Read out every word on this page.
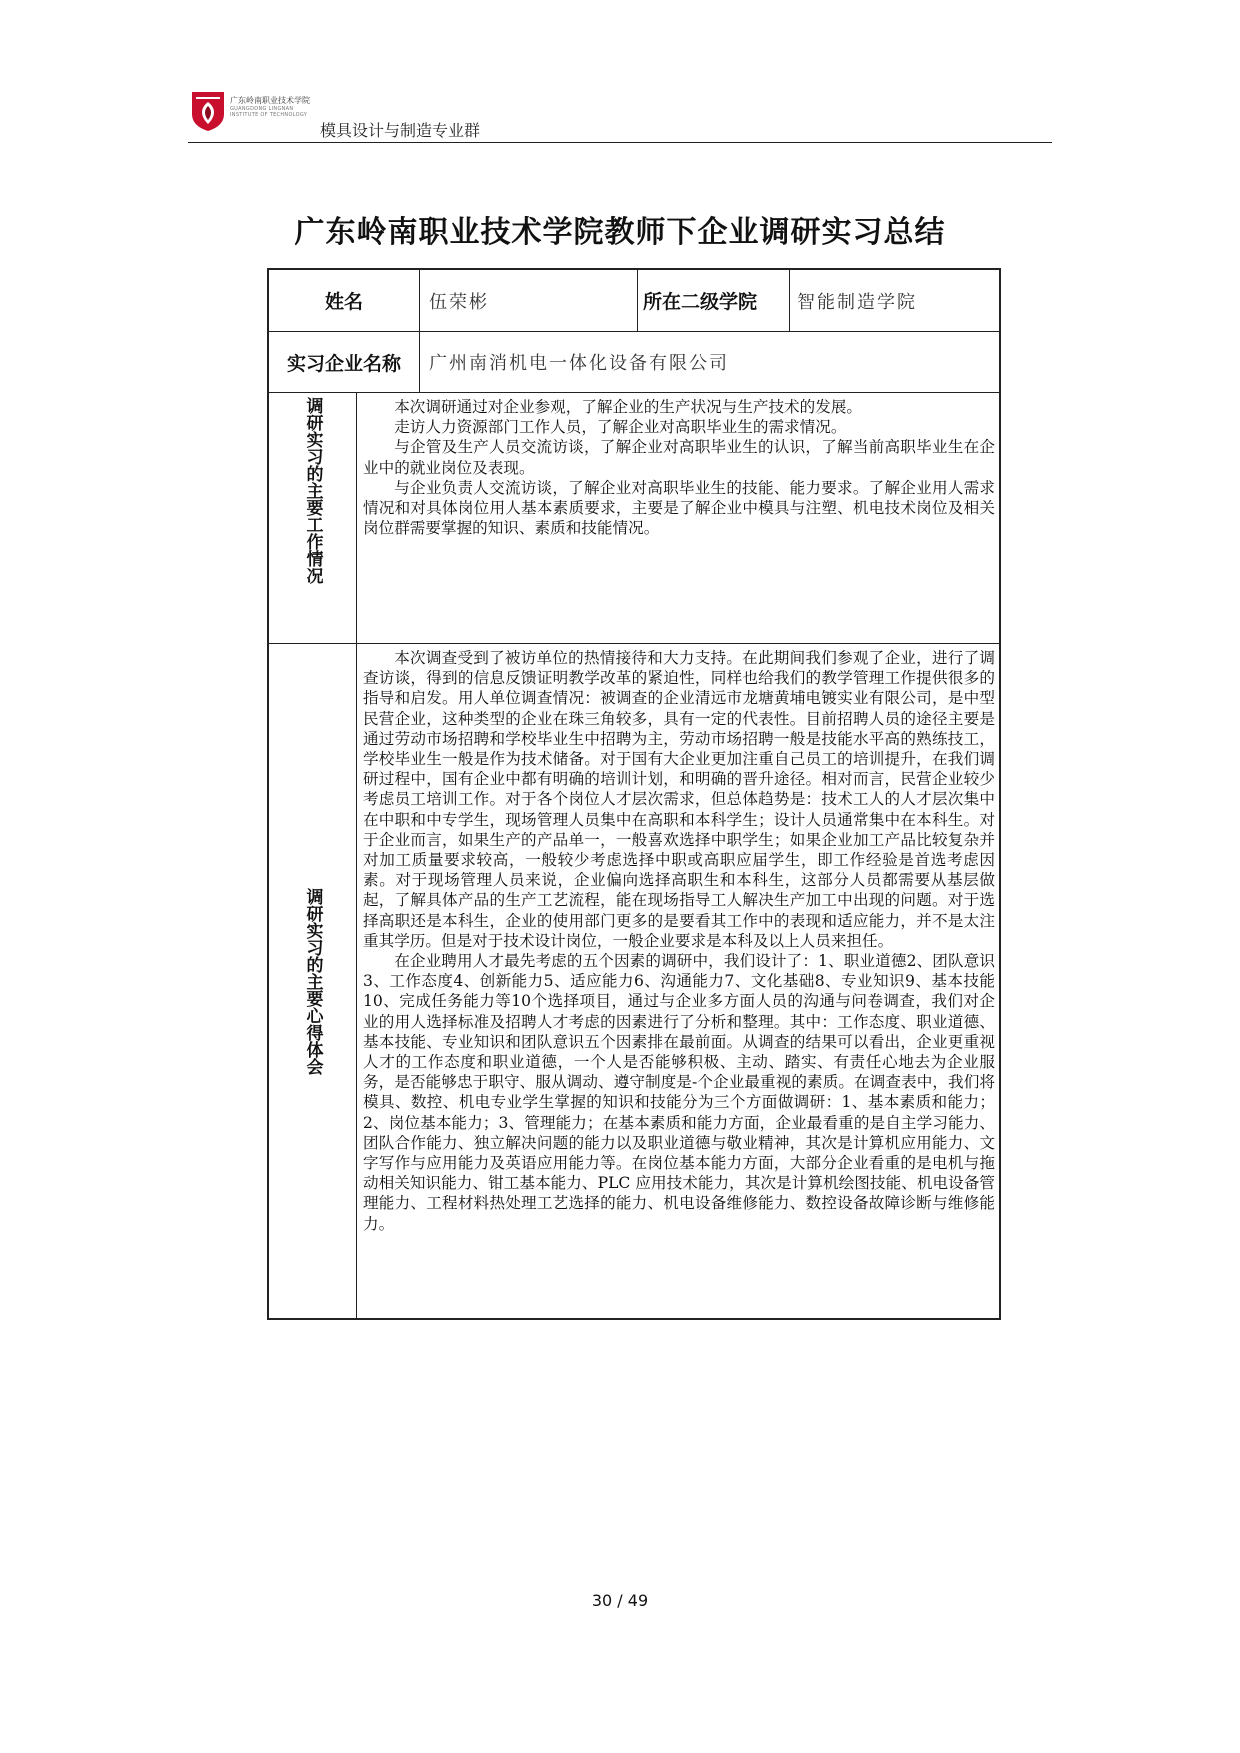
广东岭南职业技术学院
GUANGDONG LINGNAN
INSTITUTE OF TECHNOLOGY
模具设计与制造专业群
广东岭南职业技术学院教师下企业调研实习总结
姓名	伍荣彬	所在二级学院	智能制造学院
实习企业名称	广州南消机电一体化设备有限公司
调研实习的主要工作情况	本次调研通过对企业参观，了解企业的生产状况与生产技术的发展。

走访人力资源部门工作人员，了解企业对高职毕业生的需求情况。

与企管及生产人员交流访谈，了解企业对高职毕业生的认识，了解当前高职毕业生在企业中的就业岗位及表现。

与企业负责人交流访谈，了解企业对高职毕业生的技能、能力要求。了解企业用人需求情况和对具体岗位用人基本素质要求，主要是了解企业中模具与注塑、机电技术岗位及相关岗位群需要掌握的知识、素质和技能情况。

调研实习的主要心得体会

本次调查受到了被访单位的热情接待和大力支持。在此期间我们参观了企业，进行了调查访谈，得到的信息反馈证明教学改革的紧迫性，同样也给我们的教学管理工作提供很多的指导和启发。用人单位调查情况：被调查的企业清远市龙塘黄埔电镀实业有限公司，是中型民营企业，这种类型的企业在珠三角较多，具有一定的代表性。目前招聘人员的途径主要是通过劳动市场招聘和学校毕业生中招聘为主，劳动市场招聘一般是技能水平高的熟练技工，学校毕业生一般是作为技术储备。对于国有大企业更加注重自己员工的培训提升，在我们调研过程中，国有企业中都有明确的培训计划，和明确的晋升途径。相对而言，民营企业较少考虑员工培训工作。对于各个岗位人才层次需求，但总体趋势是：技术工人的人才层次集中在中职和中专学生，现场管理人员集中在高职和本科学生；设计人员通常集中在本科生。对于企业而言，如果生产的产品单一，一般喜欢选择中职学生；如果企业加工产品比较复杂并对加工质量要求较高，一般较少考虑选择中职或高职应届学生，即工作经验是首选考虑因素。对于现场管理人员来说，企业偏向选择高职生和本科生，这部分人员都需要从基层做起，了解具体产品的生产工艺流程，能在现场指导工人解决生产加工中出现的问题。对于选择高职还是本科生，企业的使用部门更多的是要看其工作中的表现和适应能力，并不是太注重其学历。但是对于技术设计岗位，一般企业要求是本科及以上人员来担任。

在企业聘用人才最先考虑的五个因素的调研中，我们设计了：1、职业道德2、团队意识3、工作态度4、创新能力5、适应能力6、沟通能力7、文化基础8、专业知识9、基本技能10、完成任务能力等10个选择项目，通过与企业多方面人员的沟通与问卷调查，我们对企业的用人选择标准及招聘人才考虑的因素进行了分析和整理。其中：工作态度、职业道德、基本技能、专业知识和团队意识五个因素排在最前面。从调查的结果可以看出，企业更重视人才的工作态度和职业道德，一个人是否能够积极、主动、踏实、有责任心地去为企业服务，是否能够忠于职守、服从调动、遵守制度是-个企业最重视的素质。在调查表中，我们将模具、数控、机电专业学生掌握的知识和技能分为三个方面做调研：1、基本素质和能力；2、岗位基本能力；3、管理能力；在基本素质和能力方面，企业最看重的是自主学习能力、团队合作能力、独立解决问题的能力以及职业道德与敬业精神，其次是计算机应用能力、文字写作与应用能力及英语应用能力等。在岗位基本能力方面，大部分企业看重的是电机与拖动相关知识能力、钳工基本能力、PLC 应用技术能力，其次是计算机绘图技能、机电设备管理能力、工程材料热处理工艺选择的能力、机电设备维修能力、数控设备故障诊断与维修能力。

30 / 49
